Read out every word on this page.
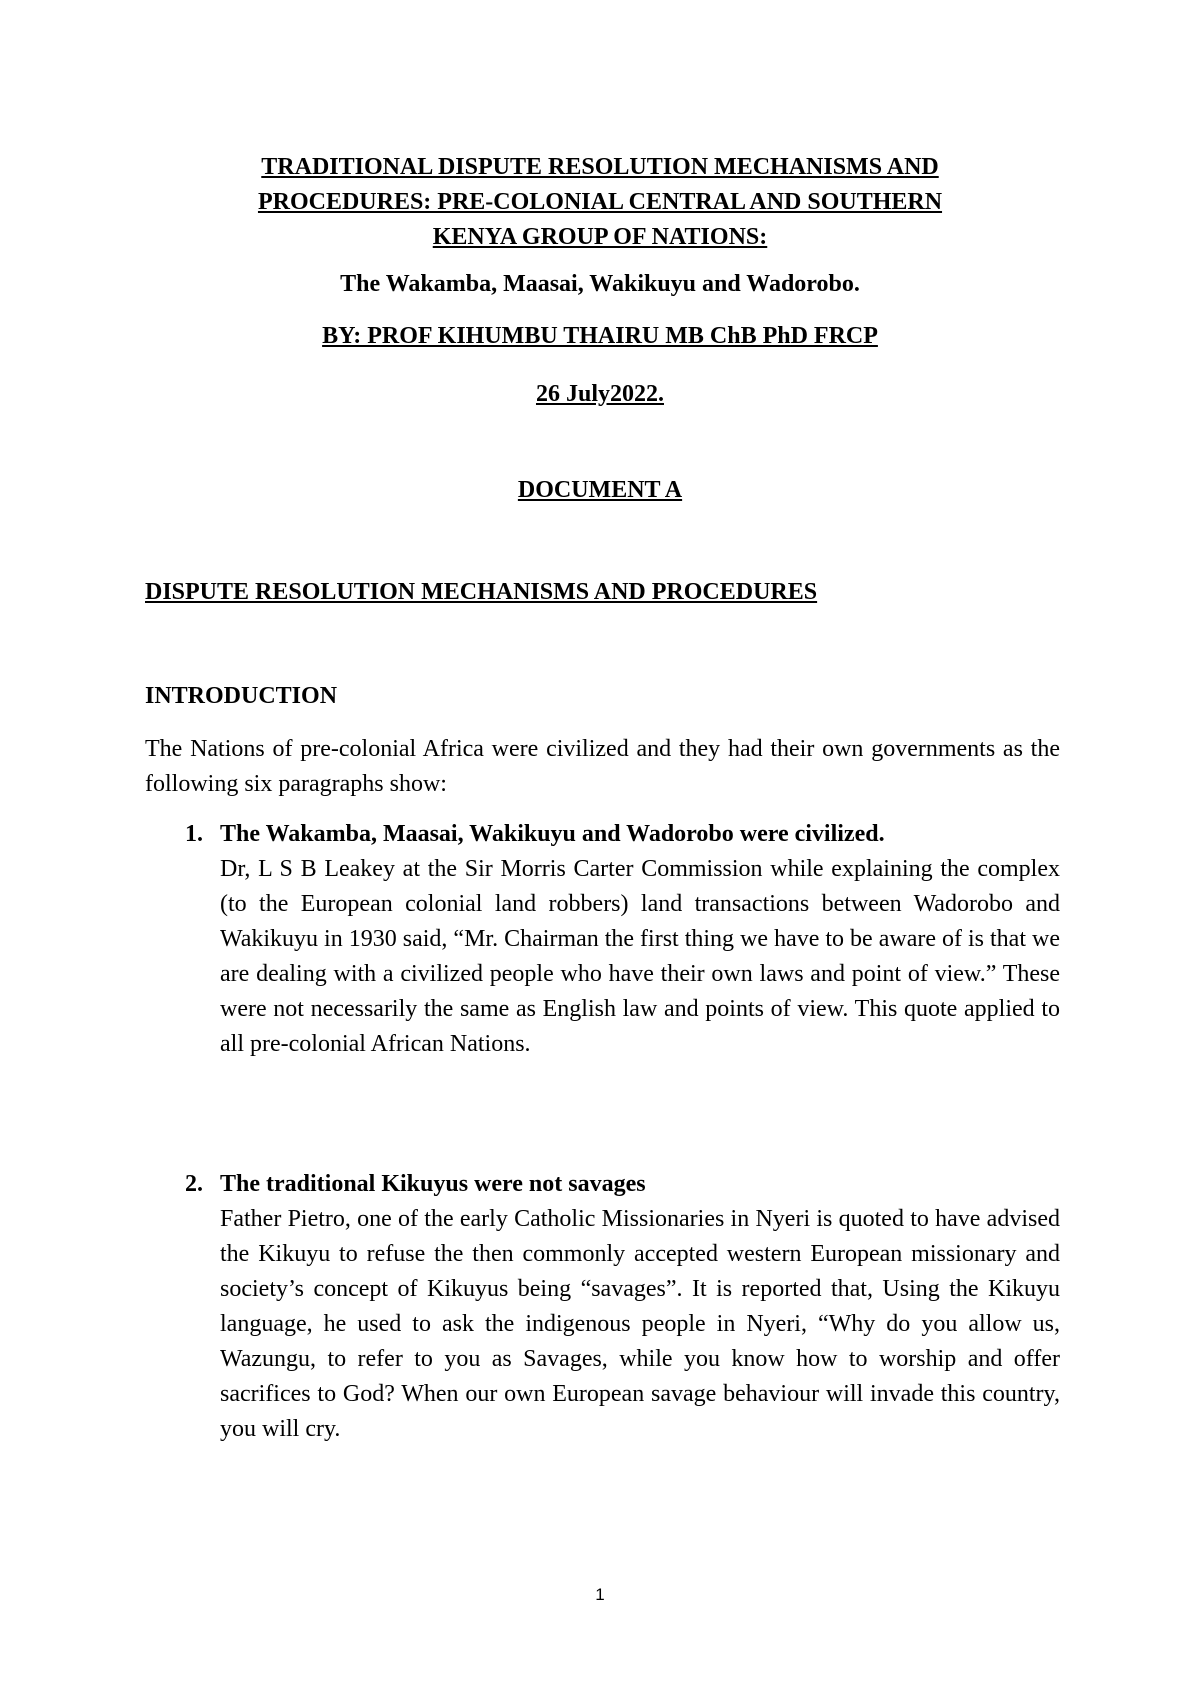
TRADITIONAL DISPUTE RESOLUTION MECHANISMS AND
PROCEDURES: PRE-COLONIAL CENTRAL AND SOUTHERN
KENYA GROUP OF NATIONS:
The Wakamba, Maasai, Wakikuyu and Wadorobo.
BY: PROF KIHUMBU THAIRU MB ChB PhD FRCP
26 July2022.
DOCUMENT A
DISPUTE RESOLUTION MECHANISMS AND PROCEDURES
INTRODUCTION
The Nations of pre-colonial Africa were civilized and they had their own governments as the following six paragraphs show:
1. The Wakamba, Maasai, Wakikuyu and Wadorobo were civilized.
Dr, L S B Leakey at the Sir Morris Carter Commission while explaining the complex (to the European colonial land robbers) land transactions between Wadorobo and Wakikuyu in 1930 said, “Mr. Chairman the first thing we have to be aware of is that we are dealing with a civilized people who have their own laws and point of view.” These were not necessarily the same as English law and points of view. This quote applied to all pre-colonial African Nations.
2. The traditional Kikuyus were not savages
Father Pietro, one of the early Catholic Missionaries in Nyeri is quoted to have advised the Kikuyu to refuse the then commonly accepted western European missionary and society’s concept of Kikuyus being “savages”. It is reported that, Using the Kikuyu language, he used to ask the indigenous people in Nyeri, “Why do you allow us, Wazungu, to refer to you as Savages, while you know how to worship and offer sacrifices to God? When our own European savage behaviour will invade this country, you will cry.
1
